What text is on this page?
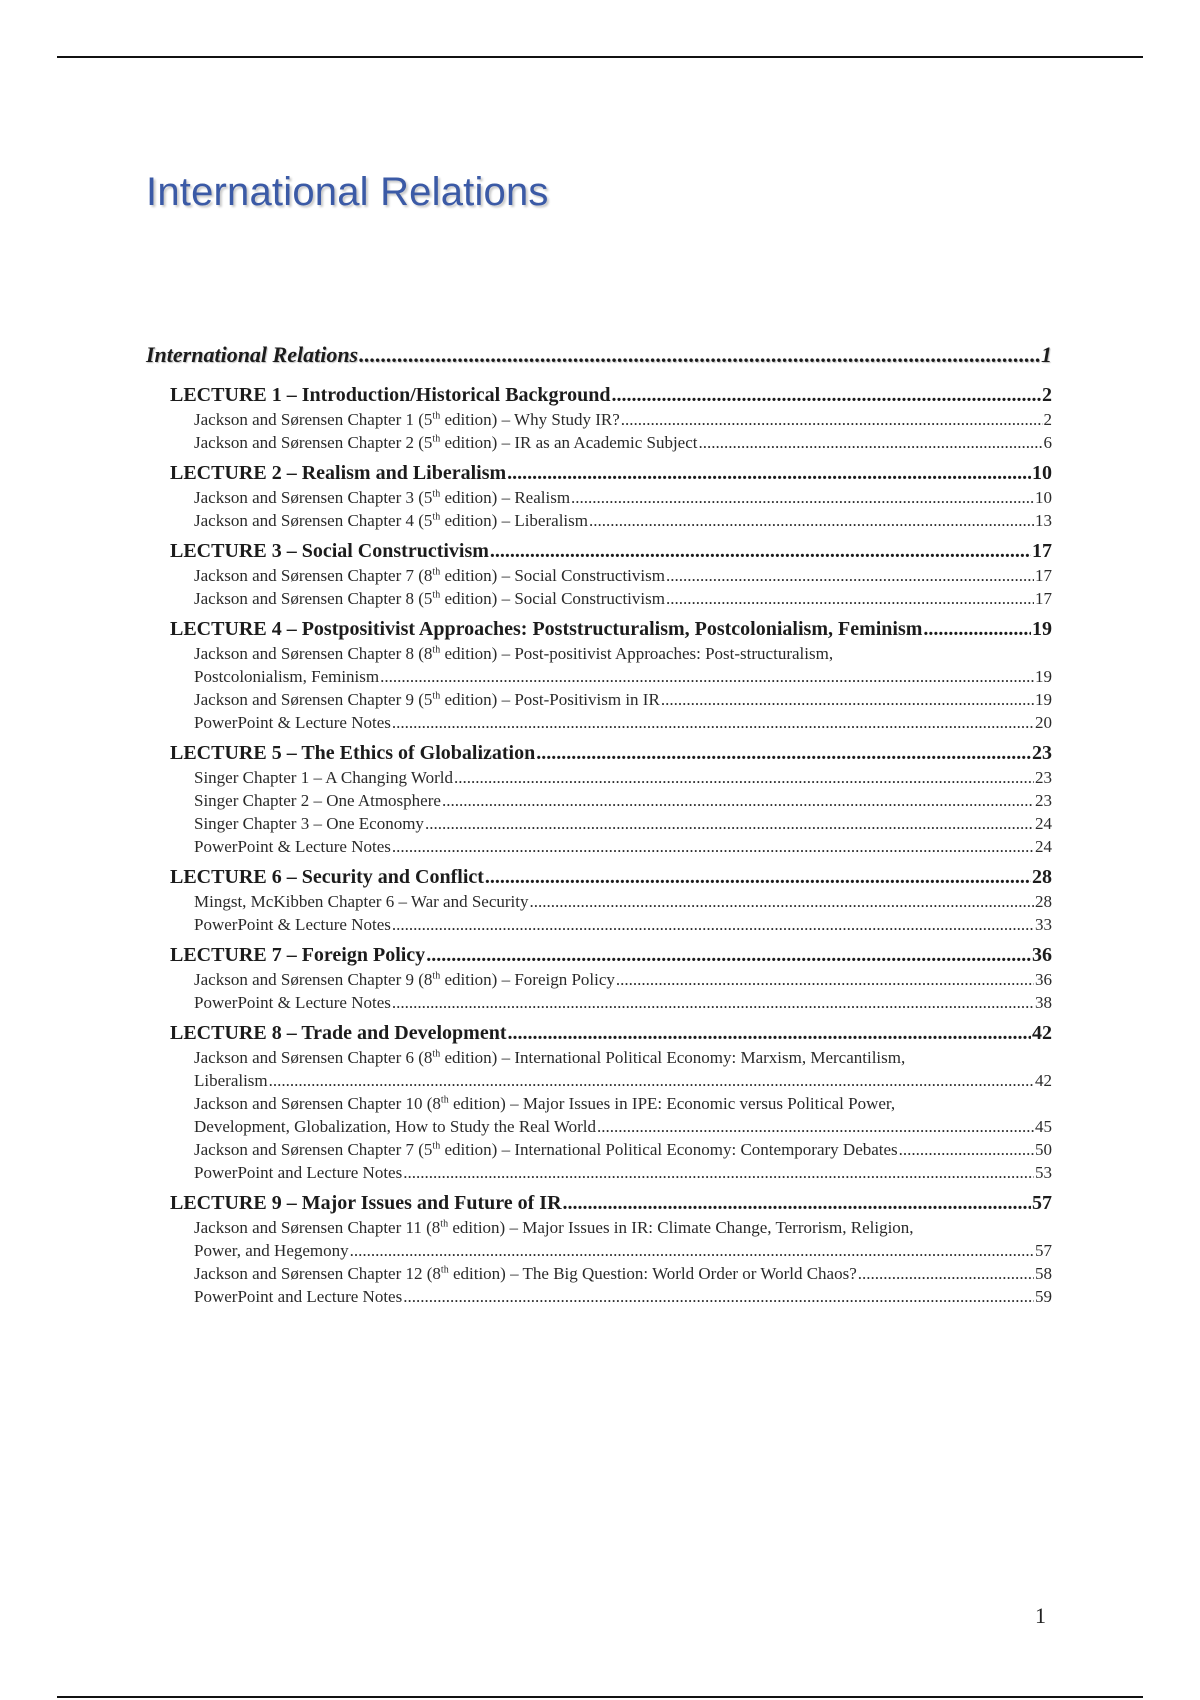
International Relations
International Relations .....	1
LECTURE 1 – Introduction/Historical Background .....	2
Jackson and Sørensen Chapter 1 (5th edition) – Why Study IR? .....	2
Jackson and Sørensen Chapter 2 (5th edition) – IR as an Academic Subject .....	6
LECTURE 2 – Realism and Liberalism .....	10
Jackson and Sørensen Chapter 3 (5th edition) – Realism .....	10
Jackson and Sørensen Chapter 4 (5th edition) – Liberalism .....	13
LECTURE 3 – Social Constructivism .....	17
Jackson and Sørensen Chapter 7 (8th edition) – Social Constructivism .....	17
Jackson and Sørensen Chapter 8 (5th edition) – Social Constructivism .....	17
LECTURE 4 – Postpositivist Approaches: Poststructuralism, Postcolonialism, Feminism .....	19
Jackson and Sørensen Chapter 8 (8th edition) – Post-positivist Approaches: Post-structuralism,
Postcolonialism, Feminism .....	19
Jackson and Sørensen Chapter 9 (5th edition) – Post-Positivism in IR .....	19
PowerPoint & Lecture Notes .....	20
LECTURE 5 – The Ethics of Globalization .....	23
Singer Chapter 1 – A Changing World .....	23
Singer Chapter 2 – One Atmosphere .....	23
Singer Chapter 3 – One Economy .....	24
PowerPoint & Lecture Notes .....	24
LECTURE 6 – Security and Conflict .....	28
Mingst, McKibben Chapter 6 – War and Security .....	28
PowerPoint & Lecture Notes .....	33
LECTURE 7 – Foreign Policy .....	36
Jackson and Sørensen Chapter 9 (8th edition) – Foreign Policy .....	36
PowerPoint & Lecture Notes .....	38
LECTURE 8 – Trade and Development .....	42
Jackson and Sørensen Chapter 6 (8th edition) – International Political Economy: Marxism, Mercantilism,
Liberalism .....	42
Jackson and Sørensen Chapter 10 (8th edition) – Major Issues in IPE: Economic versus Political Power,
Development, Globalization, How to Study the Real World .....	45
Jackson and Sørensen Chapter 7 (5th edition) – International Political Economy: Contemporary Debates .....	50
PowerPoint and Lecture Notes .....	53
LECTURE 9 – Major Issues and Future of IR .....	57
Jackson and Sørensen Chapter 11 (8th edition) – Major Issues in IR: Climate Change, Terrorism, Religion,
Power, and Hegemony .....	57
Jackson and Sørensen Chapter 12 (8th edition) – The Big Question: World Order or World Chaos? .....	58
PowerPoint and Lecture Notes .....	59
1
